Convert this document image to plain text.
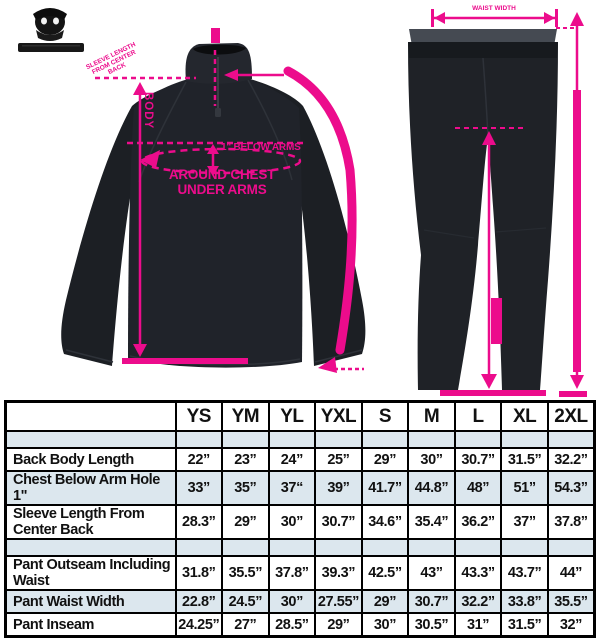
SLEEVE LENGTH FROM CENTER BACK
BODY
1" BELOW ARMS
AROUND CHEST
UNDER ARMS
WAIST WIDTH
	YS	YM	YL	YXL	S	M	L	XL	2XL

Back Body Length	22”	23”	24”	25”	29”	30”	30.7”	31.5”	32.2”
Chest Below Arm Hole 1"	33”	35”	37“	39”	41.7”	44.8”	48”	51”	54.3”
Sleeve Length From Center Back	28.3”	29”	30”	30.7”	34.6”	35.4”	36.2”	37”	37.8”

Pant Outseam Including Waist	31.8”	35.5”	37.8”	39.3”	42.5”	43”	43.3”	43.7”	44”
Pant Waist Width	22.8”	24.5”	30”	27.55”	29”	30.7”	32.2”	33.8”	35.5”
Pant Inseam	24.25”	27”	28.5”	29”	30”	30.5”	31”	31.5”	32”
